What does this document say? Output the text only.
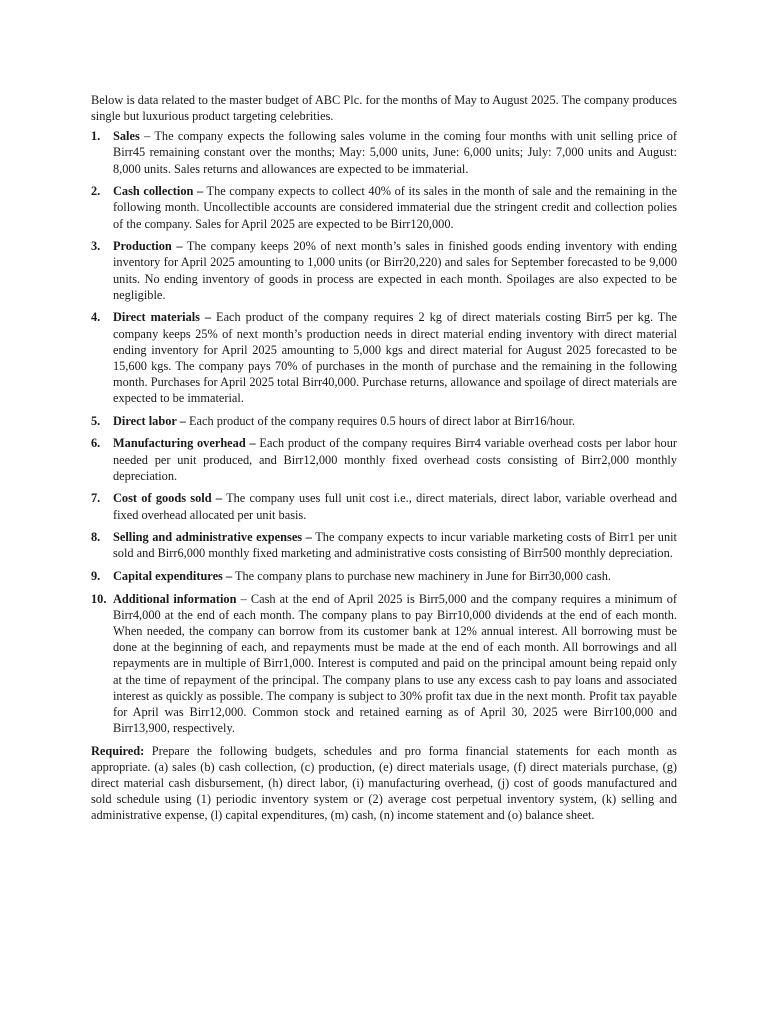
Below is data related to the master budget of ABC Plc. for the months of May to August 2025. The company produces single but luxurious product targeting celebrities.

1. Sales – The company expects the following sales volume in the coming four months with unit selling price of Birr45 remaining constant over the months; May: 5,000 units, June: 6,000 units; July: 7,000 units and August: 8,000 units. Sales returns and allowances are expected to be immaterial.
2. Cash collection – The company expects to collect 40% of its sales in the month of sale and the remaining in the following month. Uncollectible accounts are considered immaterial due the stringent credit and collection polies of the company. Sales for April 2025 are expected to be Birr120,000.
3. Production – The company keeps 20% of next month’s sales in finished goods ending inventory with ending inventory for April 2025 amounting to 1,000 units (or Birr20,220) and sales for September forecasted to be 9,000 units. No ending inventory of goods in process are expected in each month. Spoilages are also expected to be negligible.
4. Direct materials – Each product of the company requires 2 kg of direct materials costing Birr5 per kg. The company keeps 25% of next month’s production needs in direct material ending inventory with direct material ending inventory for April 2025 amounting to 5,000 kgs and direct material for August 2025 forecasted to be 15,600 kgs. The company pays 70% of purchases in the month of purchase and the remaining in the following month. Purchases for April 2025 total Birr40,000. Purchase returns, allowance and spoilage of direct materials are expected to be immaterial.
5. Direct labor – Each product of the company requires 0.5 hours of direct labor at Birr16/hour.
6. Manufacturing overhead – Each product of the company requires Birr4 variable overhead costs per labor hour needed per unit produced, and Birr12,000 monthly fixed overhead costs consisting of Birr2,000 monthly depreciation.
7. Cost of goods sold – The company uses full unit cost i.e., direct materials, direct labor, variable overhead and fixed overhead allocated per unit basis.
8. Selling and administrative expenses – The company expects to incur variable marketing costs of Birr1 per unit sold and Birr6,000 monthly fixed marketing and administrative costs consisting of Birr500 monthly depreciation.
9. Capital expenditures – The company plans to purchase new machinery in June for Birr30,000 cash.
10. Additional information – Cash at the end of April 2025 is Birr5,000 and the company requires a minimum of Birr4,000 at the end of each month. The company plans to pay Birr10,000 dividends at the end of each month. When needed, the company can borrow from its customer bank at 12% annual interest. All borrowing must be done at the beginning of each, and repayments must be made at the end of each month. All borrowings and all repayments are in multiple of Birr1,000. Interest is computed and paid on the principal amount being repaid only at the time of repayment of the principal. The company plans to use any excess cash to pay loans and associated interest as quickly as possible. The company is subject to 30% profit tax due in the next month. Profit tax payable for April was Birr12,000. Common stock and retained earning as of April 30, 2025 were Birr100,000 and Birr13,900, respectively.

Required: Prepare the following budgets, schedules and pro forma financial statements for each month as appropriate. (a) sales (b) cash collection, (c) production, (e) direct materials usage, (f) direct materials purchase, (g) direct material cash disbursement, (h) direct labor, (i) manufacturing overhead, (j) cost of goods manufactured and sold schedule using (1) periodic inventory system or (2) average cost perpetual inventory system, (k) selling and administrative expense, (l) capital expenditures, (m) cash, (n) income statement and (o) balance sheet.
